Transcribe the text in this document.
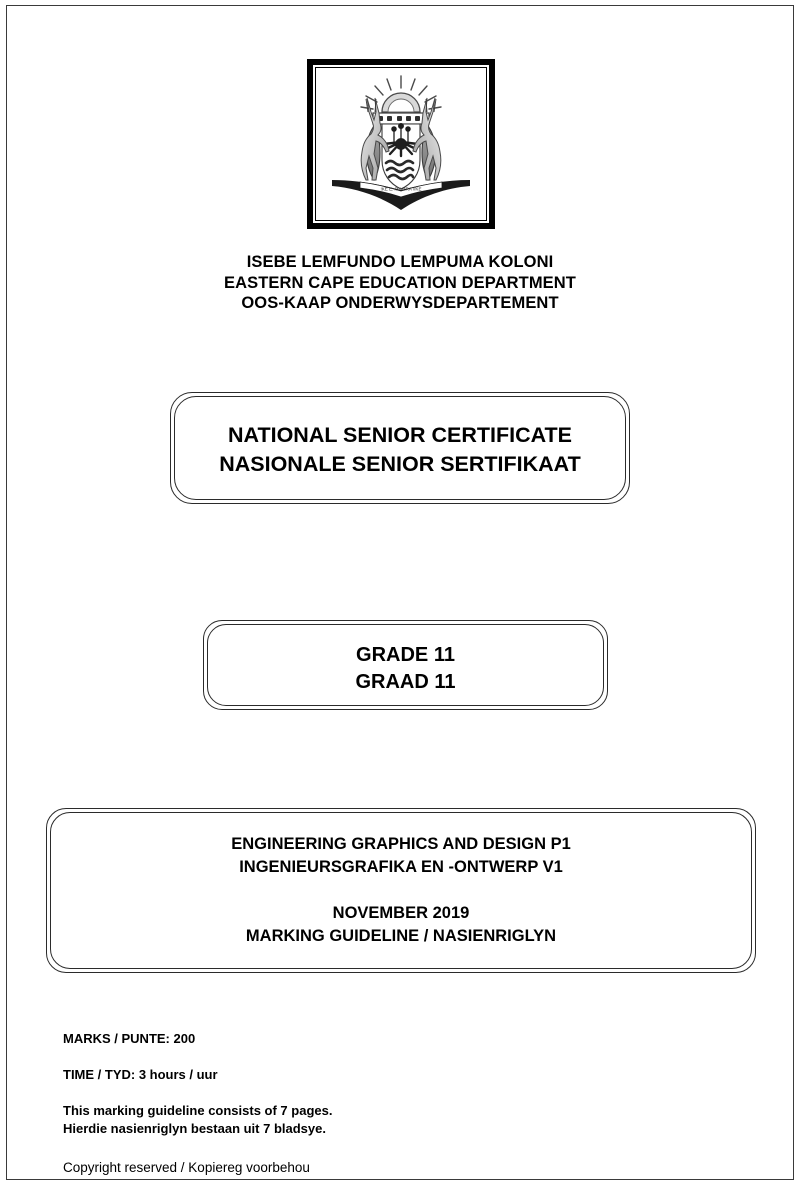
!KE E: /XARRA //KE
ISEBE LEMFUNDO LEMPUMA KOLONI
EASTERN CAPE EDUCATION DEPARTMENT
OOS-KAAP ONDERWYSDEPARTEMENT
NATIONAL SENIOR CERTIFICATE
NASIONALE SENIOR SERTIFIKAAT
GRADE 11
GRAAD 11
ENGINEERING GRAPHICS AND DESIGN P1
INGENIEURSGRAFIKA EN -ONTWERP V1
NOVEMBER 2019
MARKING GUIDELINE / NASIENRIGLYN
MARKS / PUNTE: 200
TIME / TYD: 3 hours / uur
This marking guideline consists of 7 pages.
Hierdie nasienriglyn bestaan uit 7 bladsye.
Copyright reserved / Kopiereg voorbehou
